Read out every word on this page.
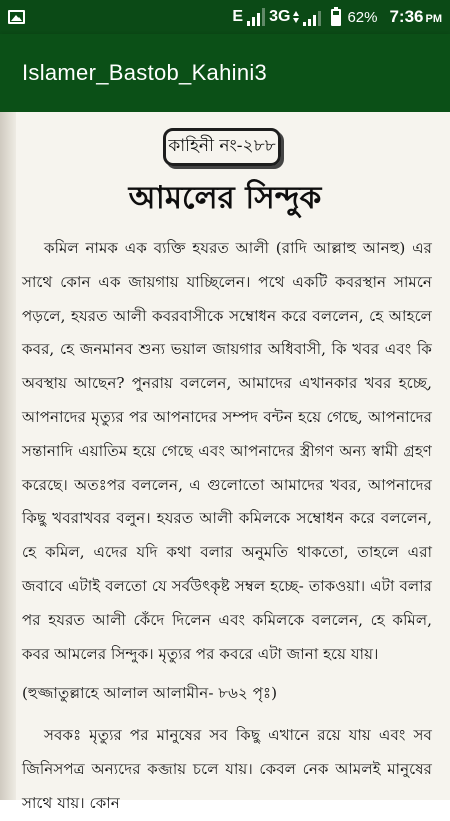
E 3G	62% 7:36 PM
Islamer_Bastob_Kahini3
কাহিনী নং-২৮৮
আমলের সিন্দুক

কমিল নামক এক ব্যক্তি হযরত আলী (রাদি আল্লাহু আনহু) এর সাথে কোন এক জায়গায় যাচ্ছিলেন। পথে একটি কবরস্থান সামনে পড়লে, হযরত আলী কবরবাসীকে সম্বোধন করে বললেন, হে আহলে কবর, হে জনমানব শুন্য ভয়াল জায়গার অধিবাসী, কি খবর এবং কি অবস্থায় আছেন? পুনরায় বললেন, আমাদের এখানকার খবর হচ্ছে, আপনাদের মৃত্যুর পর আপনাদের সম্পদ বন্টন হয়ে গেছে, আপনাদের সন্তানাদি এয়াতিম হয়ে গেছে এবং আপনাদের স্ত্রীগণ অন্য স্বামী গ্রহণ করেছে। অতঃপর বললেন, এ গুলোতো আমাদের খবর, আপনাদের কিছু খবরাখবর বলুন। হযরত আলী কমিলকে সম্বোধন করে বললেন, হে কমিল, এদের যদি কথা বলার অনুমতি থাকতো, তাহলে এরা জবাবে এটাই বলতো যে সর্বউৎকৃষ্ট সম্বল হচ্ছে- তাকওয়া। এটা বলার পর হযরত আলী কেঁদে দিলেন এবং কমিলকে বললেন, হে কমিল, কবর আমলের সিন্দুক। মৃত্যুর পর কবরে এটা জানা হয়ে যায়।

(হুজ্জাতুল্লাহে আলাল আলামীন- ৮৬২ পৃঃ)

সবকঃ মৃত্যুর পর মানুষের সব কিছু এখানে রয়ে যায় এবং সব জিনিসপত্র অন্যদের কব্জায় চলে যায়। কেবল নেক আমলই মানুষের সাথে যায়। কোন
